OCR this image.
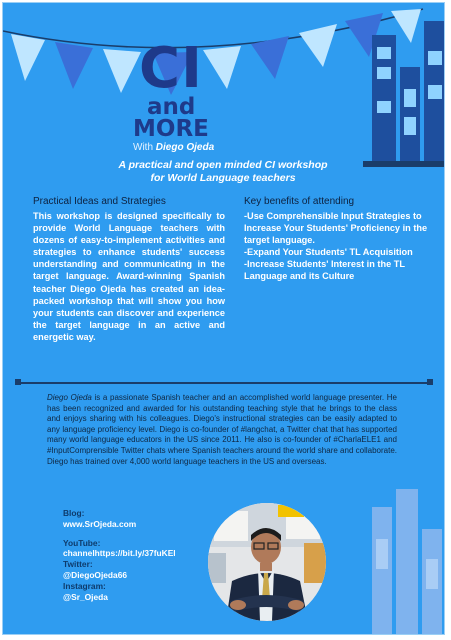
CI
and
MORE
With Diego Ojeda
A practical and open minded CI workshop
for World Language teachers
Practical Ideas and Strategies
This workshop is designed specifically to provide World Language teachers with dozens of easy-to-implement activities and strategies to enhance students' success understanding and communicating in the target language. Award-winning Spanish teacher Diego Ojeda has created an idea-packed workshop that will show you how your students can discover and experience the target language in an active and energetic way.
Key benefits of attending
-Use Comprehensible Input Strategies to Increase Your Students' Proficiency in the target language.
-Expand Your Students' TL Acquisition
-Increase Students' Interest in the TL Language and its Culture
Diego Ojeda is a passionate Spanish teacher and an accomplished world language presenter. He has been recognized and awarded for his outstanding teaching style that he brings to the class and enjoys sharing with his colleagues. Diego's instructional strategies can be easily adapted to any language proficiency level. Diego is co-founder of #langchat, a Twitter chat that has supported many world language educators in the US since 2011. He also is co-founder of #CharlaELE1 and #InputComprensible Twitter chats where Spanish teachers around the world share and collaborate. Diego has trained over 4,000 world language teachers in the US and overseas.
Blog:
www.SrOjeda.com
YouTube:
channelhttps://bit.ly/37fuKEl
Twitter:
@DiegoOjeda66
Instagram:
@Sr_Ojeda
